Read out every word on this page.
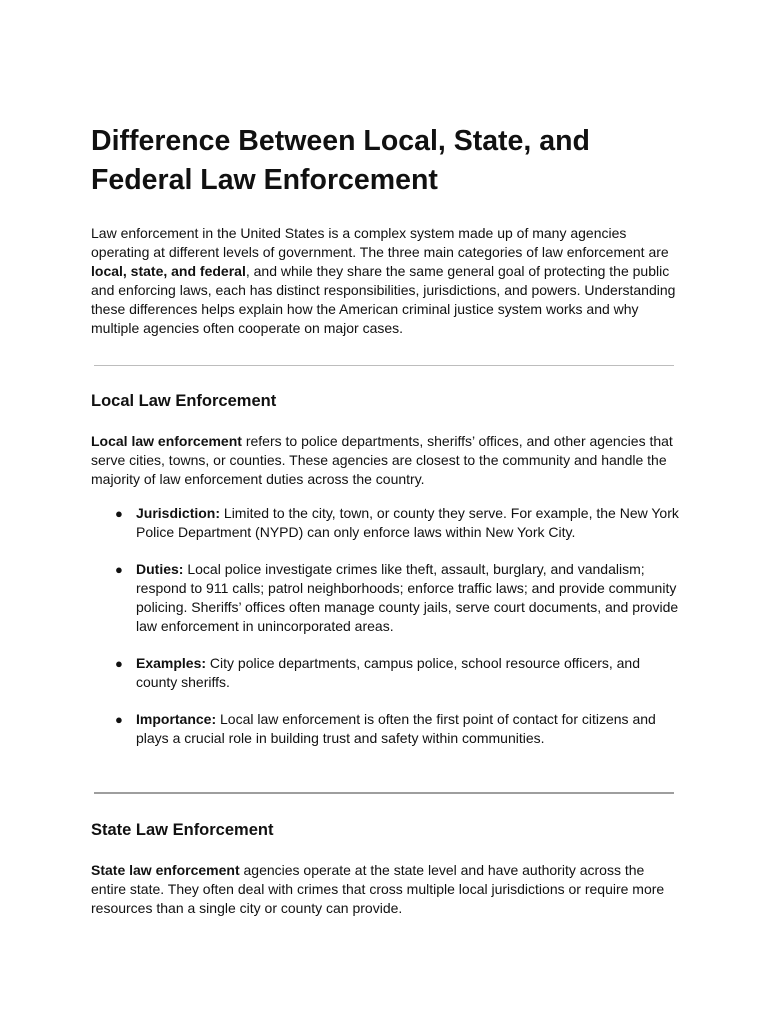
Difference Between Local, State, and Federal Law Enforcement

Law enforcement in the United States is a complex system made up of many agencies operating at different levels of government. The three main categories of law enforcement are local, state, and federal, and while they share the same general goal of protecting the public and enforcing laws, each has distinct responsibilities, jurisdictions, and powers. Understanding these differences helps explain how the American criminal justice system works and why multiple agencies often cooperate on major cases.

Local Law Enforcement

Local law enforcement refers to police departments, sheriffs’ offices, and other agencies that serve cities, towns, or counties. These agencies are closest to the community and handle the majority of law enforcement duties across the country.

● Jurisdiction: Limited to the city, town, or county they serve. For example, the New York Police Department (NYPD) can only enforce laws within New York City.
● Duties: Local police investigate crimes like theft, assault, burglary, and vandalism; respond to 911 calls; patrol neighborhoods; enforce traffic laws; and provide community policing. Sheriffs’ offices often manage county jails, serve court documents, and provide law enforcement in unincorporated areas.
● Examples: City police departments, campus police, school resource officers, and county sheriffs.
● Importance: Local law enforcement is often the first point of contact for citizens and plays a crucial role in building trust and safety within communities.
State Law Enforcement

State law enforcement agencies operate at the state level and have authority across the entire state. They often deal with crimes that cross multiple local jurisdictions or require more resources than a single city or county can provide.
